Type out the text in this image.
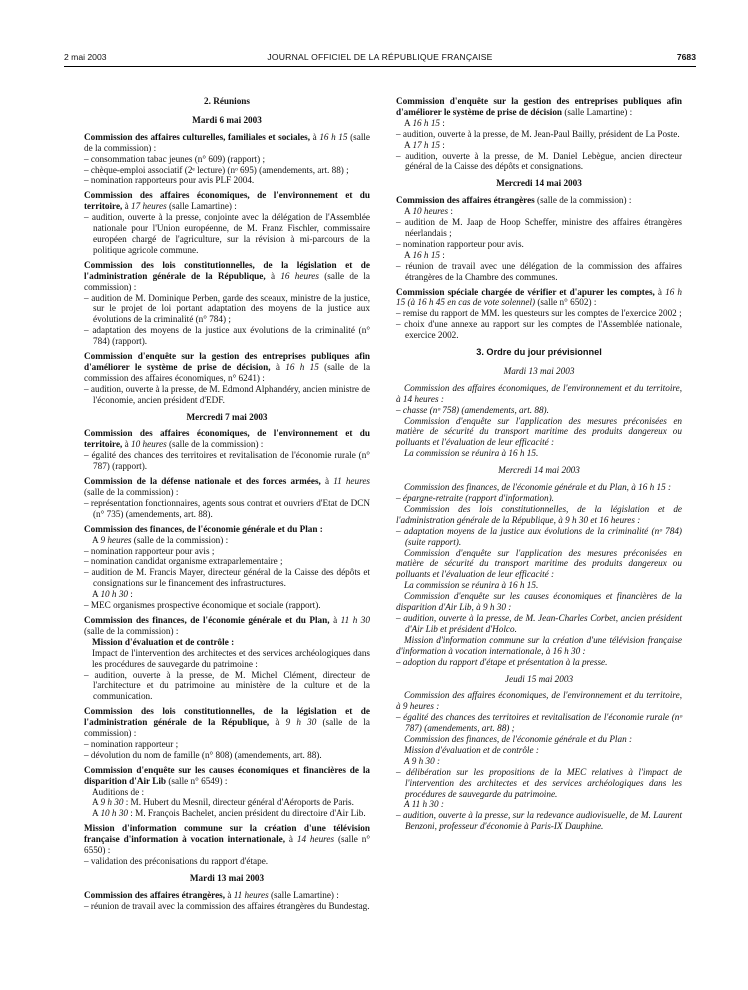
2 mai 2003	JOURNAL OFFICIEL DE LA RÉPUBLIQUE FRANÇAISE	7683
2. Réunions
Mardi 6 mai 2003

Commission des affaires culturelles, familiales et sociales, à 16 h 15 (salle de la commission) :

– consommation tabac jeunes (n° 609) (rapport) ;

– chèque-emploi associatif (2ᵉ lecture) (nᵒ 695) (amendements, art. 88) ;

– nomination rapporteurs pour avis PLF 2004.

Commission des affaires économiques, de l'environnement et du territoire, à 17 heures (salle Lamartine) :

– audition, ouverte à la presse, conjointe avec la délégation de l'Assemblée nationale pour l'Union européenne, de M. Franz Fischler, commissaire européen chargé de l'agriculture, sur la révision à mi-parcours de la politique agricole commune.

Commission des lois constitutionnelles, de la législation et de l'administration générale de la République, à 16 heures (salle de la commission) :

– audition de M. Dominique Perben, garde des sceaux, ministre de la justice, sur le projet de loi portant adaptation des moyens de la justice aux évolutions de la criminalité (n° 784) ;

– adaptation des moyens de la justice aux évolutions de la criminalité (n° 784) (rapport).

Commission d'enquête sur la gestion des entreprises publiques afin d'améliorer le système de prise de décision, à 16 h 15 (salle de la commission des affaires économiques, n° 6241) :

– audition, ouverte à la presse, de M. Edmond Alphandéry, ancien ministre de l'économie, ancien président d'EDF.

Mercredi 7 mai 2003

Commission des affaires économiques, de l'environnement et du territoire, à 10 heures (salle de la commission) :

– égalité des chances des territoires et revitalisation de l'économie rurale (n° 787) (rapport).

Commission de la défense nationale et des forces armées, à 11 heures (salle de la commission) :

– représentation fonctionnaires, agents sous contrat et ouvriers d'Etat de DCN (n° 735) (amendements, art. 88).

Commission des finances, de l'économie générale et du Plan :

A 9 heures (salle de la commission) :

– nomination rapporteur pour avis ;

– nomination candidat organisme extraparlementaire ;

– audition de M. Francis Mayer, directeur général de la Caisse des dépôts et consignations sur le financement des infrastructures.

A 10 h 30 :

– MEC organismes prospective économique et sociale (rapport).

Commission des finances, de l'économie générale et du Plan, à 11 h 30 (salle de la commission) :

Mission d'évaluation et de contrôle :

Impact de l'intervention des architectes et des services archéologiques dans les procédures de sauvegarde du patrimoine :

– audition, ouverte à la presse, de M. Michel Clément, directeur de l'architecture et du patrimoine au ministère de la culture et de la communication.

Commission des lois constitutionnelles, de la législation et de l'administration générale de la République, à 9 h 30 (salle de la commission) :

– nomination rapporteur ;

– dévolution du nom de famille (n° 808) (amendements, art. 88).

Commission d'enquête sur les causes économiques et financières de la disparition d'Air Lib (salle n° 6549) :

Auditions de :

A 9 h 30 : M. Hubert du Mesnil, directeur général d'Aéroports de Paris.

A 10 h 30 : M. François Bachelet, ancien président du directoire d'Air Lib.

Mission d'information commune sur la création d'une télévision française d'information à vocation internationale, à 14 heures (salle n° 6550) :

– validation des préconisations du rapport d'étape.

Mardi 13 mai 2003

Commission des affaires étrangères, à 11 heures (salle Lamartine) :

– réunion de travail avec la commission des affaires étrangères du Bundestag.

Commission d'enquête sur la gestion des entreprises publiques afin d'améliorer le système de prise de décision (salle Lamartine) :

A 16 h 15 :

– audition, ouverte à la presse, de M. Jean-Paul Bailly, président de La Poste.

A 17 h 15 :

– audition, ouverte à la presse, de M. Daniel Lebègue, ancien directeur général de la Caisse des dépôts et consignations.

Mercredi 14 mai 2003

Commission des affaires étrangères (salle de la commission) :

A 10 heures :

– audition de M. Jaap de Hoop Scheffer, ministre des affaires étrangères néerlandais ;

– nomination rapporteur pour avis.

A 16 h 15 :

– réunion de travail avec une délégation de la commission des affaires étrangères de la Chambre des communes.

Commission spéciale chargée de vérifier et d'apurer les comptes, à 16 h 15 (à 16 h 45 en cas de vote solennel) (salle n° 6502) :

– remise du rapport de MM. les questeurs sur les comptes de l'exercice 2002 ;

– choix d'une annexe au rapport sur les comptes de l'Assemblée nationale, exercice 2002.

3. Ordre du jour prévisionnel
Mardi 13 mai 2003

Commission des affaires économiques, de l'environnement et du territoire, à 14 heures :

– chasse (nᵒ 758) (amendements, art. 88).

Commission d'enquête sur l'application des mesures préconisées en matière de sécurité du transport maritime des produits dangereux ou polluants et l'évaluation de leur efficacité :

La commission se réunira à 16 h 15.

Mercredi 14 mai 2003

Commission des finances, de l'économie générale et du Plan, à 16 h 15 :

– épargne-retraite (rapport d'information).

Commission des lois constitutionnelles, de la législation et de l'administration générale de la République, à 9 h 30 et 16 heures :

– adaptation moyens de la justice aux évolutions de la criminalité (nᵒ 784) (suite rapport).

Commission d'enquête sur l'application des mesures préconisées en matière de sécurité du transport maritime des produits dangereux ou polluants et l'évaluation de leur efficacité :

La commission se réunira à 16 h 15.

Commission d'enquête sur les causes économiques et financières de la disparition d'Air Lib, à 9 h 30 :

– audition, ouverte à la presse, de M. Jean-Charles Corbet, ancien président d'Air Lib et président d'Holco.

Mission d'information commune sur la création d'une télévision française d'information à vocation internationale, à 16 h 30 :

– adoption du rapport d'étape et présentation à la presse.

Jeudi 15 mai 2003

Commission des affaires économiques, de l'environnement et du territoire, à 9 heures :

– égalité des chances des territoires et revitalisation de l'économie rurale (nᵒ 787) (amendements, art. 88) ;

Commission des finances, de l'économie générale et du Plan :

Mission d'évaluation et de contrôle :

A 9 h 30 :

– délibération sur les propositions de la MEC relatives à l'impact de l'intervention des architectes et des services archéologiques dans les procédures de sauvegarde du patrimoine.

A 11 h 30 :

– audition, ouverte à la presse, sur la redevance audiovisuelle, de M. Laurent Benzoni, professeur d'économie à Paris-IX Dauphine.
